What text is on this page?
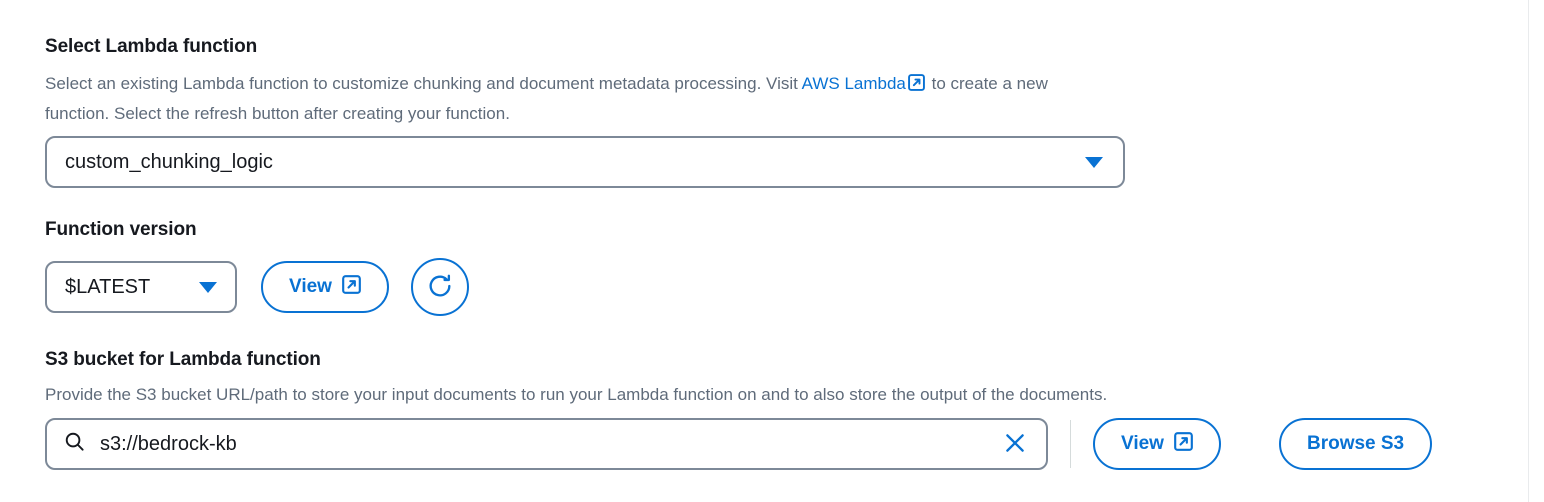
Select Lambda function
Select an existing Lambda function to customize chunking and document metadata processing. Visit AWS Lambda to create a new function. Select the refresh button after creating your function.
custom_chunking_logic
Function version
$LATEST	View
S3 bucket for Lambda function
Provide the S3 bucket URL/path to store your input documents to run your Lambda function on and to also store the output of the documents.
s3://bedrock-kb
View	Browse S3
